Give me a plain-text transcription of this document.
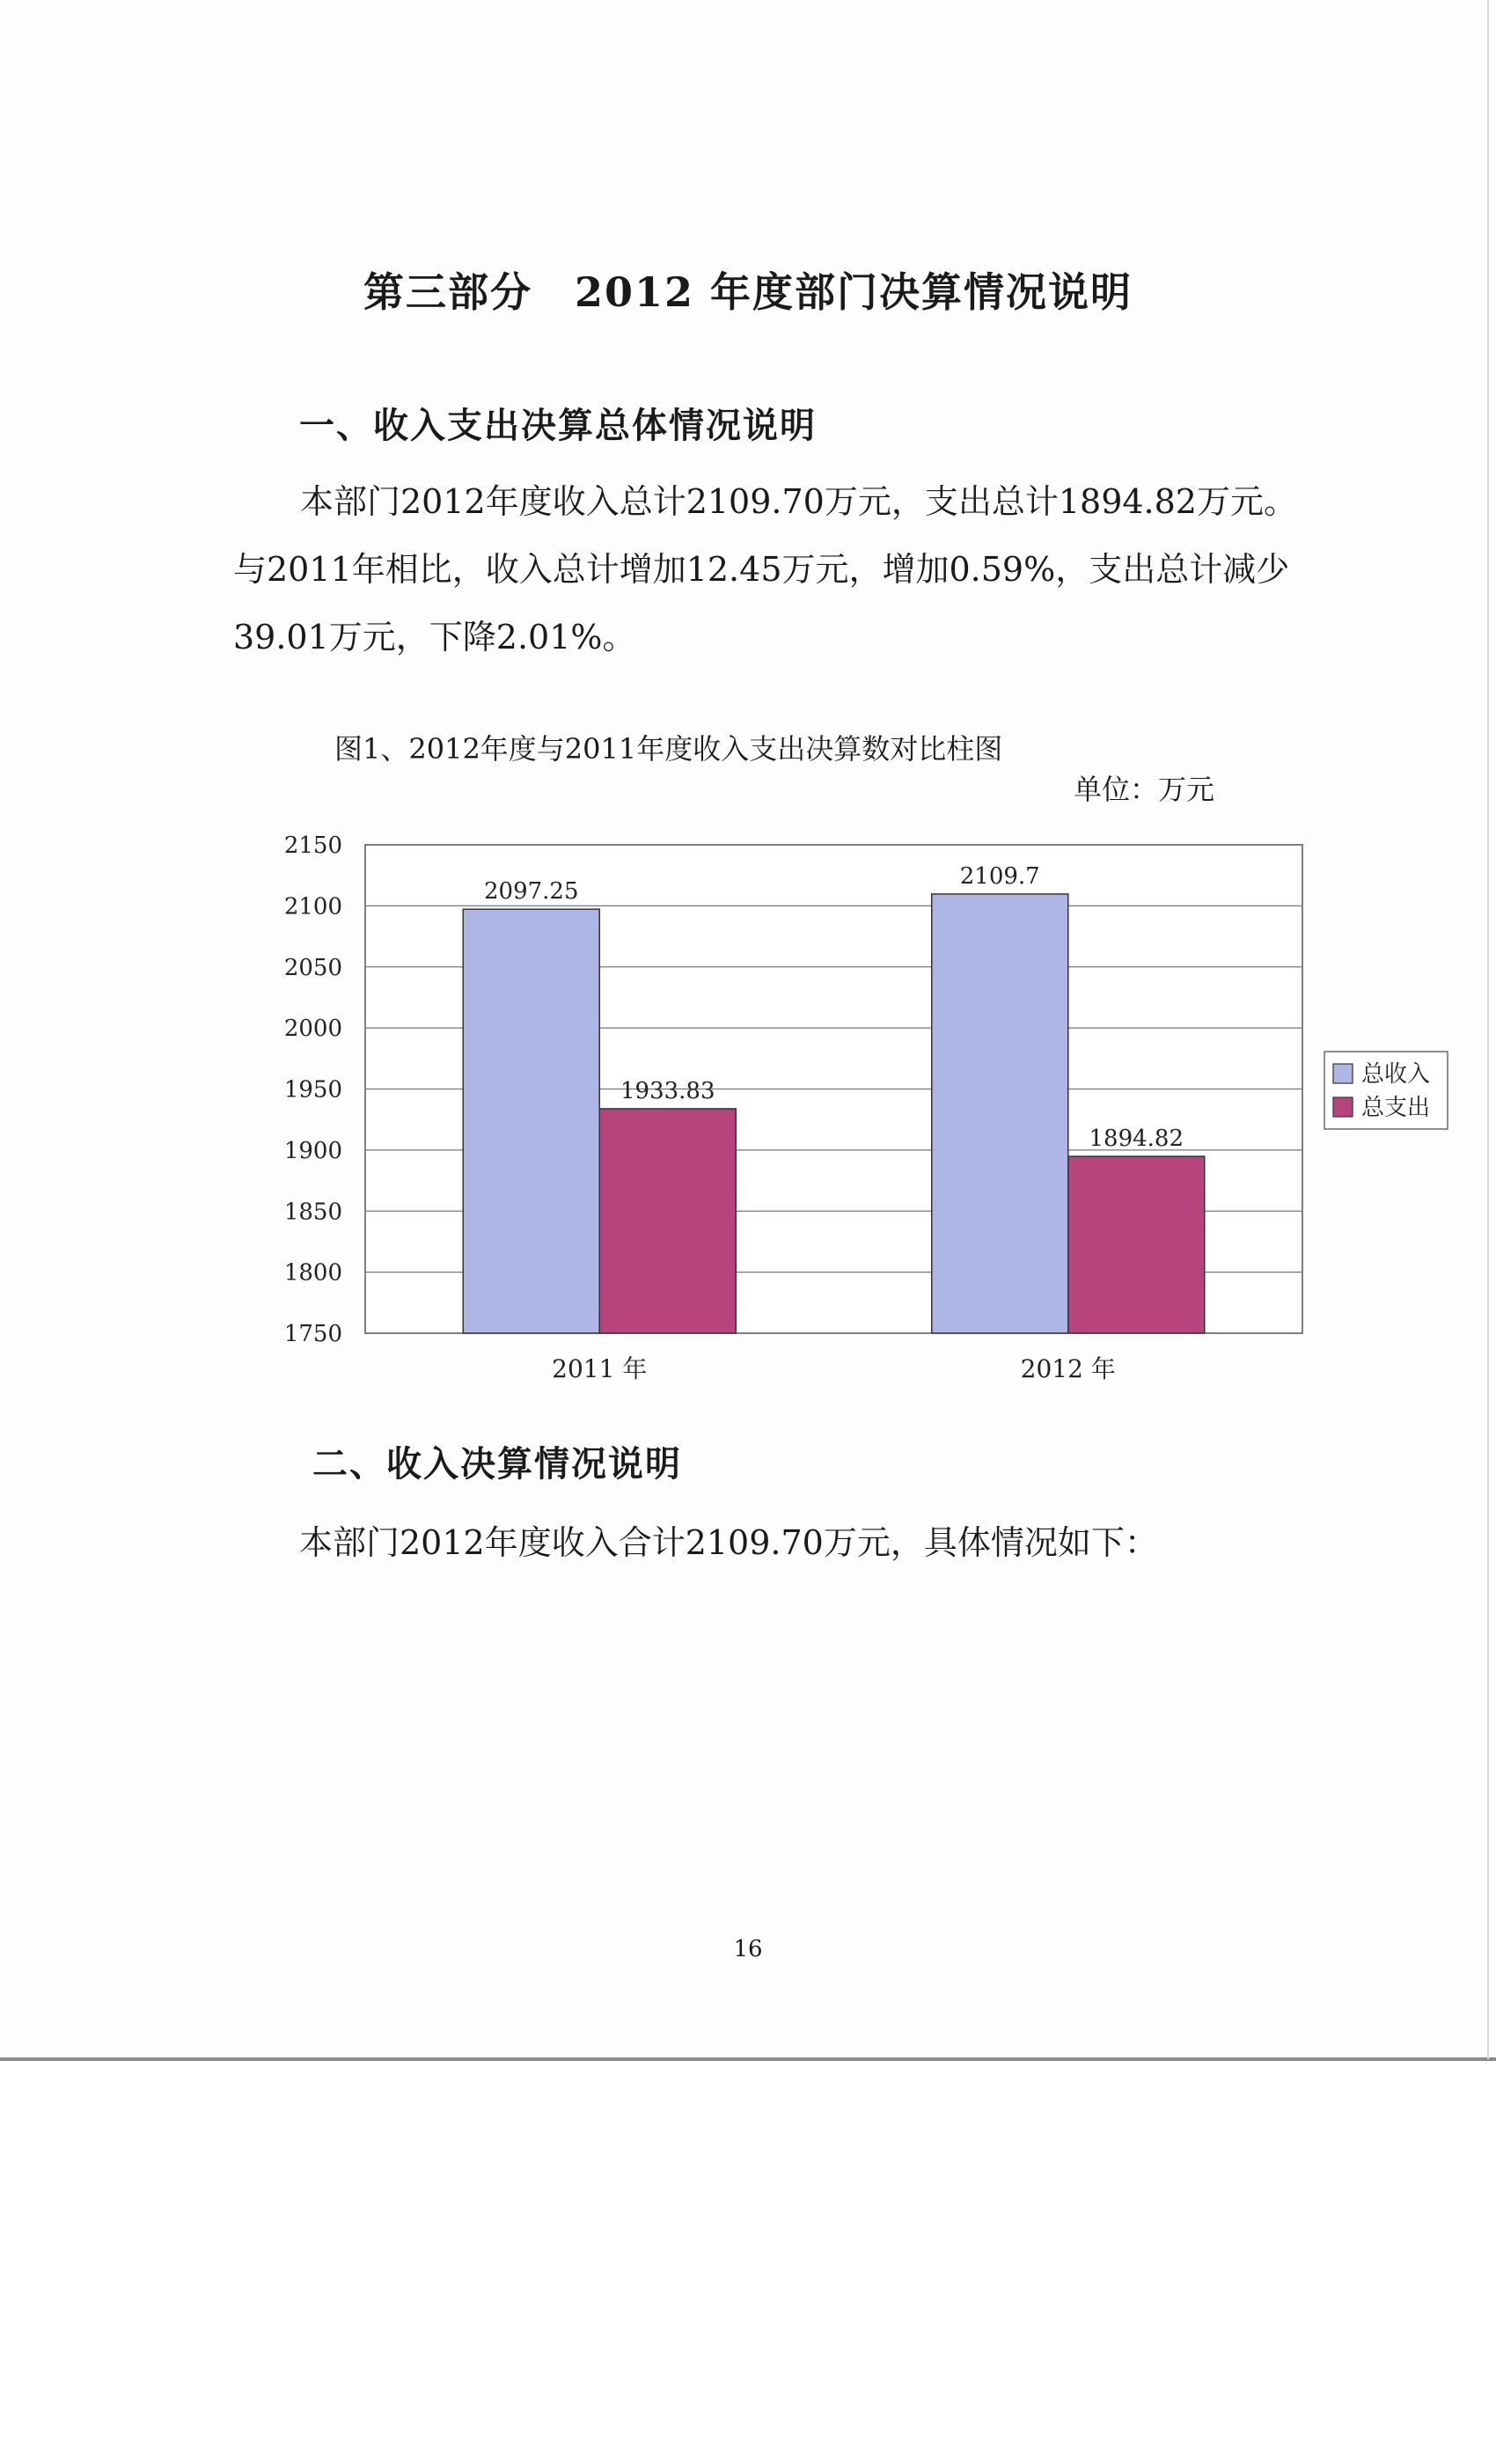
第三部分　2012 年度部门决算情况说明
一、收入支出决算总体情况说明
本部门2012年度收入总计2109.70万元，支出总计1894.82万元。与2011年相比，收入总计增加12.45万元，增加0.59%，支出总计减少39.01万元，下降2.01%。
图1、2012年度与2011年度收入支出决算数对比柱图
单位：万元
1750
1800
1850
1900
1950
2000
2050
2100
2150
2097.25
1933.83
2011 年
2109.7
1894.82
2012 年
总收入
总支出
二、收入决算情况说明
本部门2012年度收入合计2109.70万元，具体情况如下：
16
